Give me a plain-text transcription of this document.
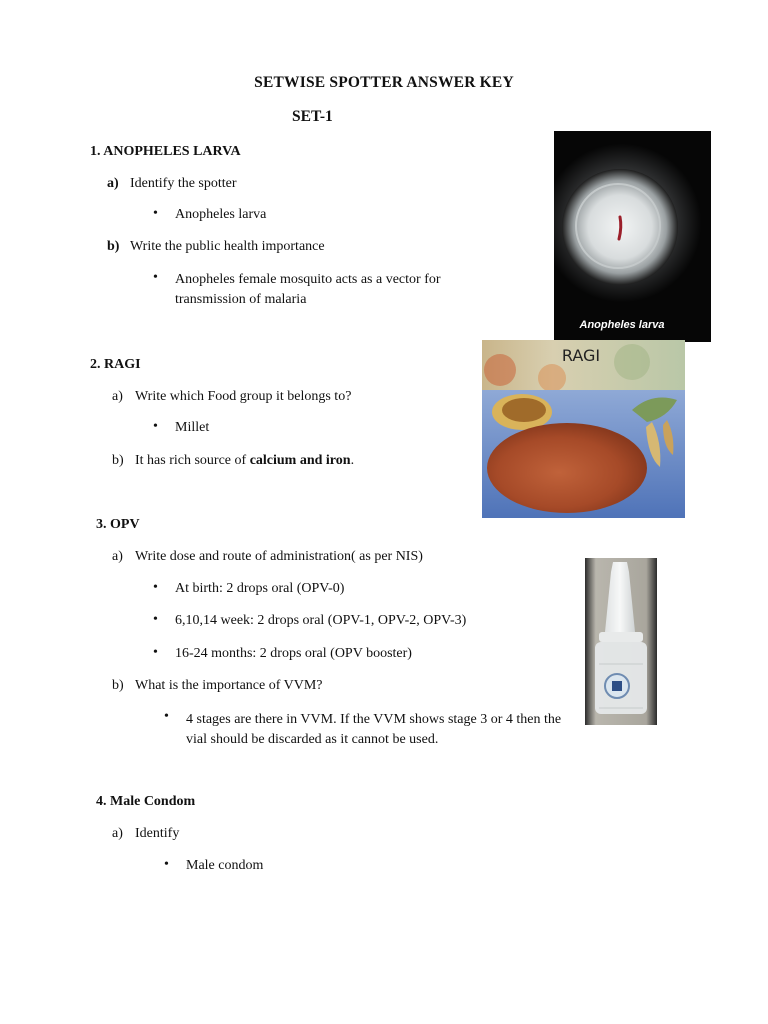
SETWISE SPOTTER ANSWER KEY
SET-1
1. ANOPHELES LARVA
a) Identify the spotter
• Anopheles larva
b) Write the public health importance
• Anopheles female mosquito acts as a vector for transmission of malaria
Anopheles larva
2. RAGI
a) Write which Food group it belongs to?
• Millet
b) It has rich source of calcium and iron.
RAGI
3. OPV
a) Write dose and route of administration( as per NIS)
• At birth: 2 drops oral (OPV-0)
• 6,10,14 week: 2 drops oral (OPV-1, OPV-2, OPV-3)
• 16-24 months: 2 drops oral (OPV booster)
b) What is the importance of VVM?
• 4 stages are there in VVM. If the VVM shows stage 3 or 4 then the vial should be discarded as it cannot be used.
4. Male Condom
a) Identify
• Male condom
